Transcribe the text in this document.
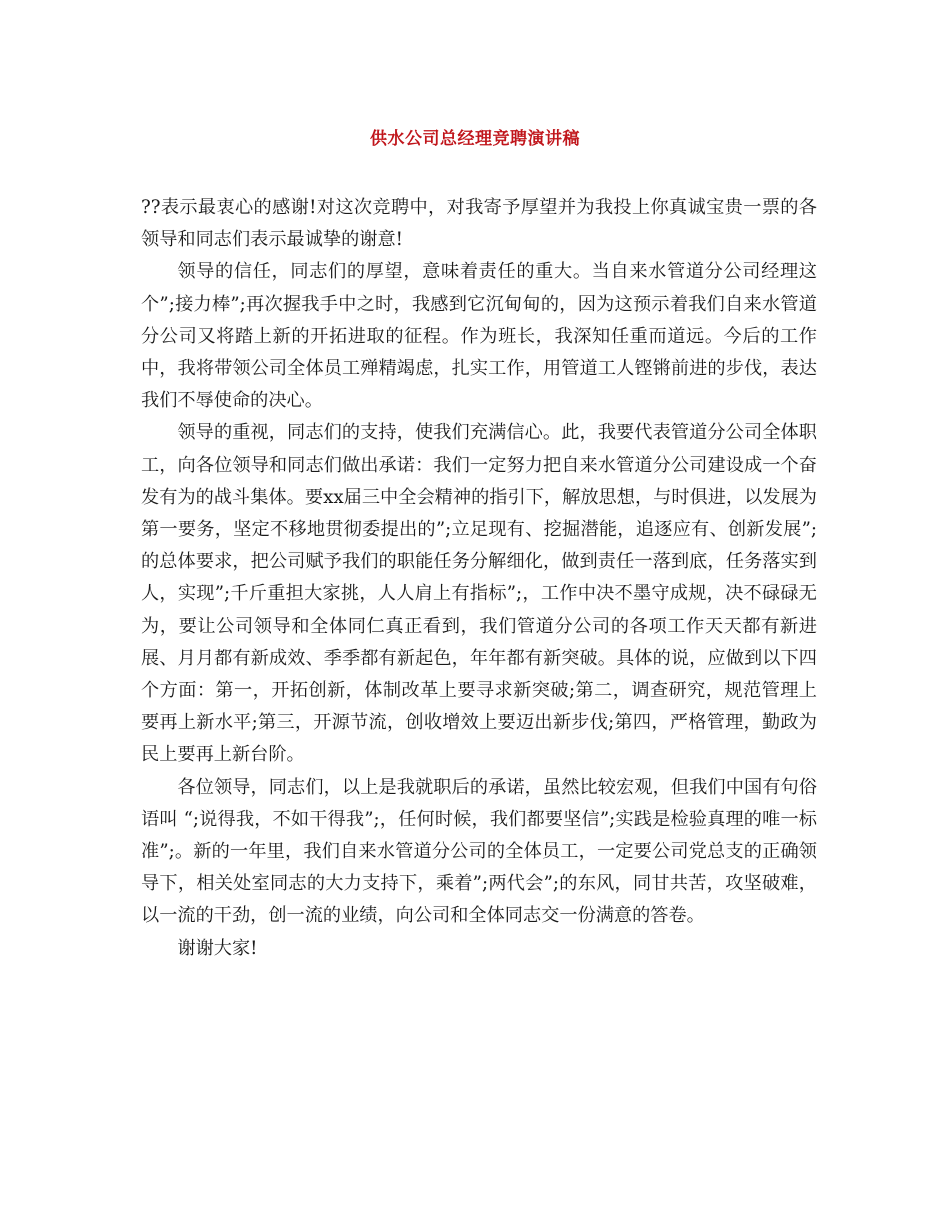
供水公司总经理竞聘演讲稿

??表示最衷心的感谢!对这次竞聘中，对我寄予厚望并为我投上你真诚宝贵一票的各领导和同志们表示最诚挚的谢意!

领导的信任，同志们的厚望，意味着责任的重大。当自来水管道分公司经理这个”;接力棒”;再次握我手中之时，我感到它沉甸甸的，因为这预示着我们自来水管道分公司又将踏上新的开拓进取的征程。作为班长，我深知任重而道远。今后的工作中，我将带领公司全体员工殚精竭虑，扎实工作，用管道工人铿锵前进的步伐，表达我们不辱使命的决心。

领导的重视，同志们的支持，使我们充满信心。此，我要代表管道分公司全体职工，向各位领导和同志们做出承诺：我们一定努力把自来水管道分公司建设成一个奋发有为的战斗集体。要xx届三中全会精神的指引下，解放思想，与时俱进，以发展为第一要务，坚定不移地贯彻委提出的”;立足现有、挖掘潜能，追逐应有、创新发展”;的总体要求，把公司赋予我们的职能任务分解细化，做到责任一落到底，任务落实到人，实现”;千斤重担大家挑，人人肩上有指标”;，工作中决不墨守成规，决不碌碌无为，要让公司领导和全体同仁真正看到，我们管道分公司的各项工作天天都有新进展、月月都有新成效、季季都有新起色，年年都有新突破。具体的说，应做到以下四个方面：第一，开拓创新，体制改革上要寻求新突破;第二，调查研究，规范管理上要再上新水平;第三，开源节流，创收增效上要迈出新步伐;第四，严格管理，勤政为民上要再上新台阶。

各位领导，同志们，以上是我就职后的承诺，虽然比较宏观，但我们中国有句俗语叫 “;说得我，不如干得我”;，任何时候，我们都要坚信”;实践是检验真理的唯一标准”;。新的一年里，我们自来水管道分公司的全体员工，一定要公司党总支的正确领导下，相关处室同志的大力支持下，乘着”;两代会”;的东风，同甘共苦，攻坚破难，以一流的干劲，创一流的业绩，向公司和全体同志交一份满意的答卷。

谢谢大家!
